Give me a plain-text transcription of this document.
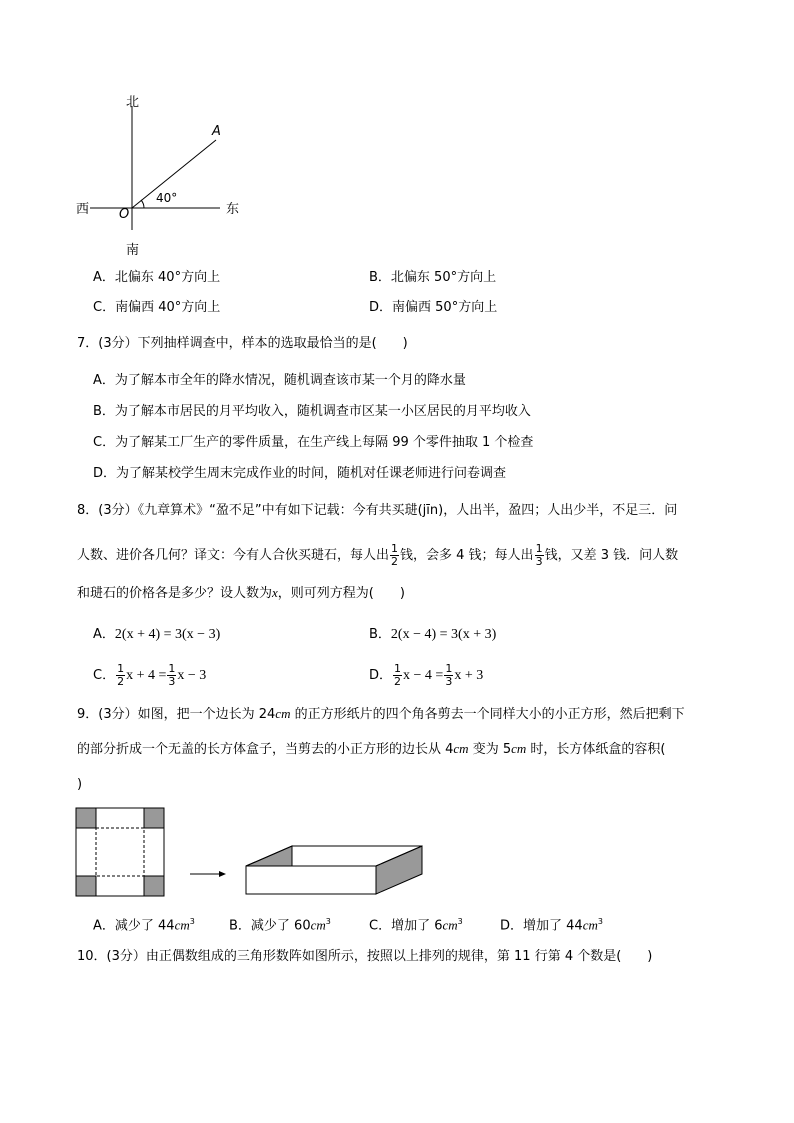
北
南
西	东
O
A
40°
A．北偏东 40°方向上	B．北偏东 50°方向上
C．南偏西 40°方向上	D．南偏西 50°方向上
7．(3分）下列抽样调查中，样本的选取最恰当的是(　　)
A．为了解本市全年的降水情况，随机调查该市某一个月的降水量
B．为了解本市居民的月平均收入，随机调查市区某一小区居民的月平均收入
C．为了解某工厂生产的零件质量，在生产线上每隔 99 个零件抽取 1 个检查
D．为了解某校学生周末完成作业的时间，随机对任课老师进行问卷调查
8．(3分）《九章算术》“盈不足”中有如下记载：今有共买琎(jīn)，人出半，盈四；人出少半，不足三．问
人数、进价各几何？译文：今有人合伙买琎石，每人出 $\frac{1}{2}$ 钱，会多 4 钱；每人出 $\frac{1}{3}$ 钱，又差 3 钱．问人数
和琎石的价格各是多少？设人数为x，则可列方程为(　　)
A．2(x + 4) = 3(x − 3)	B．2(x − 4) = 3(x + 3)
C． $\frac{1}{2}$ $x + 4 = \frac{1}{3}$ x − 3	D． $\frac{1}{2}$ $x - 4 = \frac{1}{3}$ x + 3
9．(3分）如图，把一个边长为 24cm 的正方形纸片的四个角各剪去一个同样大小的小正方形，然后把剩下
的部分折成一个无盖的长方体盒子，当剪去的小正方形的边长从 4cm 变为 5cm 时，长方体纸盒的容积(
)
A．减少了 $44cm^3$	B．减少了 $60cm^3$	C．增加了 $6cm^3$	D．增加了 $44cm^3$
10．(3分）由正偶数组成的三角形数阵如图所示，按照以上排列的规律，第 11 行第 4 个数是(　　)
